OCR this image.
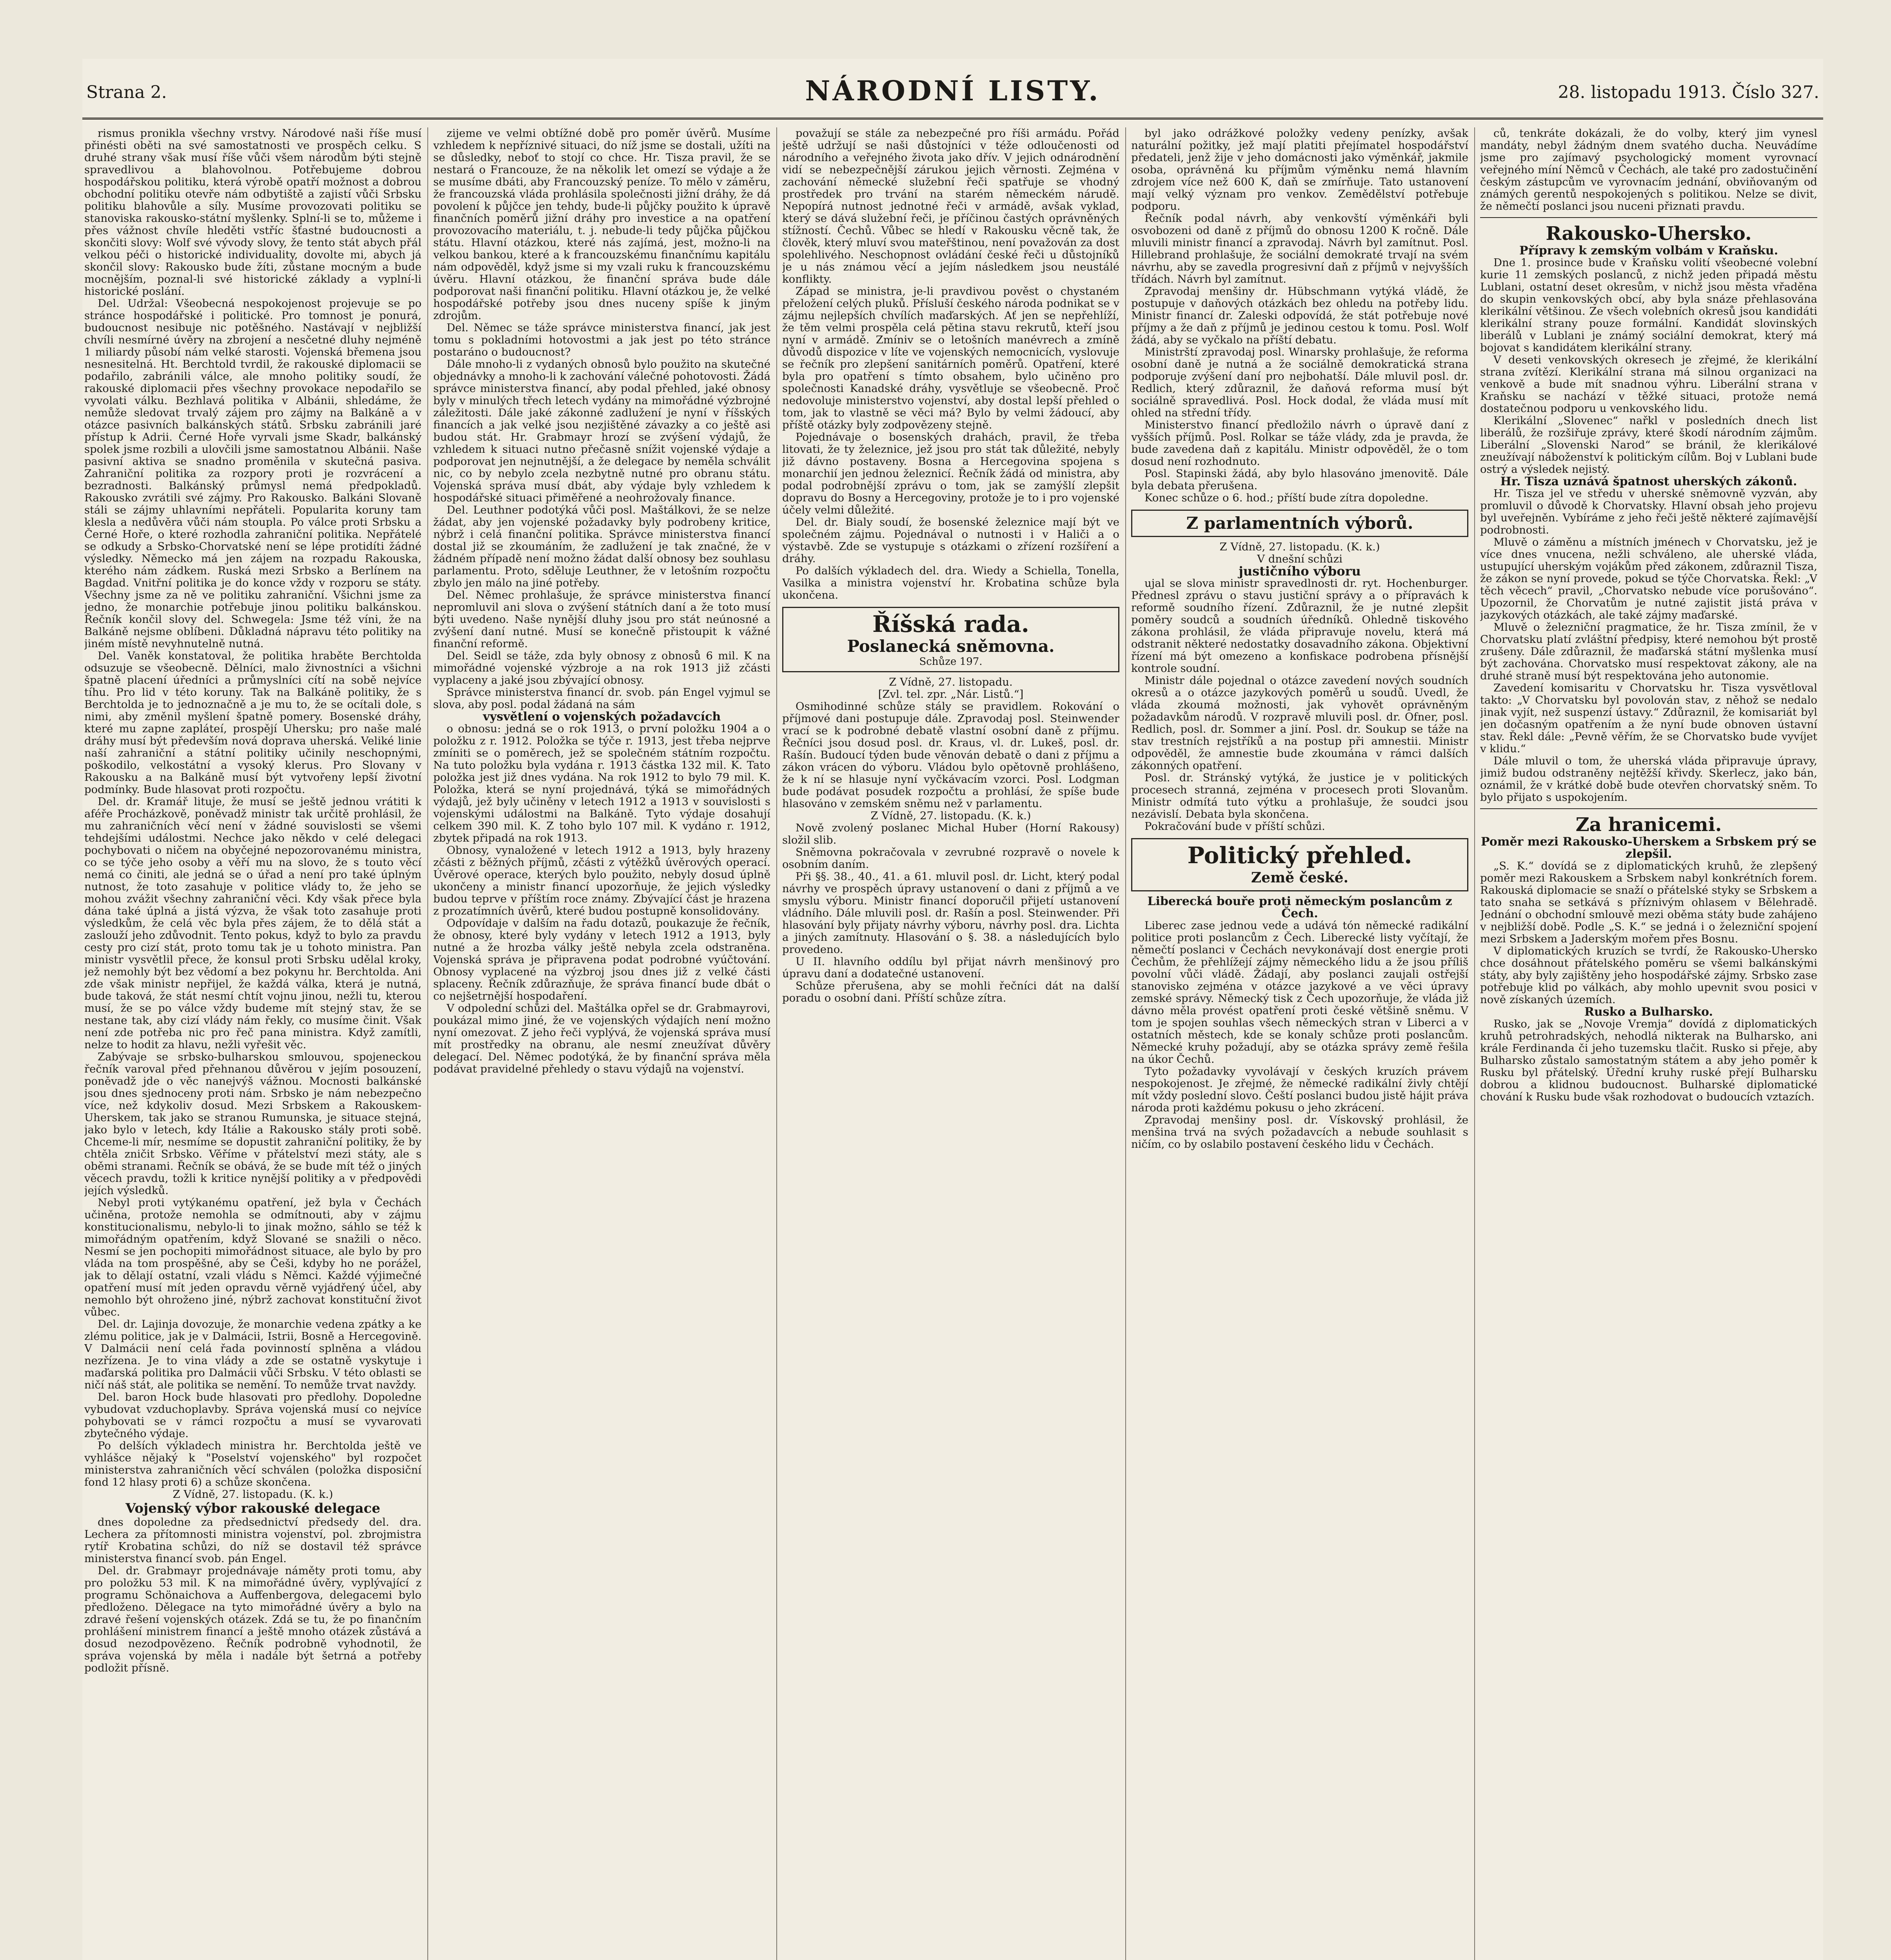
Strana 2.	NÁRODNÍ LISTY.	28. listopadu 1913. Číslo 327.

rismus pronikla všechny vrstvy. Národové naši říše musí přinésti oběti na své samostatnosti ve prospěch celku. S druhé strany však musí říše vůči všem národům býti stejně spravedlivou a blahovolnou. Potřebujeme dobrou hospodářskou politiku, která výrobě opatří možnost a dobrou obchodní politiku otevře nám odbytiště a zajistí vůči Srbsku politiku blahovůle a síly. Musíme provozovati politiku se stanoviska rakousko-státní myšlenky. Splní-li se to, můžeme i přes vážnost chvíle hleděti vstříc šťastné budoucnosti a skončiti slovy: Wolf své vývody slovy, že tento stát abych přál velkou péči o historické individuality, dovolte mi, abych já skončil slovy: Rakousko bude žíti, zůstane mocným a bude mocnějším, poznal-li své historické základy a vyplní-li historické poslání.

Del. Udržal: Všeobecná nespokojenost projevuje se po stránce hospodářské i politické. Pro tomnost je ponurá, budoucnost nesibuje nic potěšného. Nastávají v nejbližší chvíli nesmírné úvěry na zbrojení a nesčetné dluhy nejméně 1 miliardy působí nám velké starosti. Vojenská břemena jsou nesnesitelná. Ht. Berchtold tvrdil, že rakouské diplomacii se podařilo, zabránili válce, ale mnoho politiky soudí, že rakouské diplomacii přes všechny provokace nepodařilo se vyvolati válku. Bezhlavá politika v Albánii, shledáme, že nemůže sledovat trvalý zájem pro zájmy na Balkáně a v otázce pasivních balkánských států. Srbsku zabránili jaré přístup k Adrii. Černé Hoře vyrvali jsme Skadr, balkánský spolek jsme rozbili a ulovčili jsme samostatnou Albánii. Naše pasivní aktiva se snadno proměnila v skutečná pasiva. Zahraniční politika za rozpory proti je rozvrácení a bezradnosti. Balkánský průmysl nemá předpokladů. Rakousko zvrátili své zájmy. Pro Rakousko. Balkáni Slovaně stáli se zájmy uhlavními nepřáteli. Popularita koruny tam klesla a nedůvěra vůči nám stoupla. Po válce proti Srbsku a Černé Hoře, o které rozhodla zahraniční politika. Nepřátelé se odkudy a Srbsko-Chorvatské není se lépe protidíti žádné výsledky. Německo má jen zájem na rozpadu Rakouska, kterého nám zádkem. Ruská mezi Srbsko a Berlínem na Bagdad. Vnitřní politika je do konce vždy v rozporu se státy. Všechny jsme za ně ve politiku zahraniční. Všichni jsme za jedno, že monarchie potřebuje jinou politiku balkánskou. Řečník končil slovy del. Schwegela: Jsme též víni, že na Balkáně nejsme oblíbeni. Důkladná nápravu této politiky na jiném místě nevyhnutelně nutná.

Del. Vaněk konstatoval, že politika hraběte Berchtolda odsuzuje se všeobecně. Dělníci, malo živnostníci a všichni špatně placení úředníci a průmyslníci cítí na sobě nejvíce tíhu. Pro lid v této koruny. Tak na Balkáně politiky, že s Berchtolda je to jednoznačně a je mu to, že se ocítali dole, s nimi, aby změnil myšlení špatně pomery. Bosenské dráhy, které mu zapne zapláteí, prospějí Uhersku; pro naše malé dráhy musí být především nová doprava uherská. Veliké linie naší zahraniční a státní politiky učinily neschopnými, poškodilo, velkostátní a vysoký klerus. Pro Slovany v Rakousku a na Balkáně musí být vytvořeny lepší životní podmínky. Bude hlasovat proti rozpočtu.

Del. dr. Kramář lituje, že musí se ještě jednou vrátiti k aféře Procházkově, poněvadž ministr tak určitě prohlásil, že mu zahraničních věcí není v žádné souvislosti se všemi tehdejšími událostmi. Nechce jako někdo v celé delegaci pochybovati o ničem na obyčejné nepozorovanému ministra, co se týče jeho osoby a věří mu na slovo, že s touto věcí nemá co činiti, ale jedná se o úřad a není pro také úplným nutnost, že toto zasahuje v politice vlády to, že jeho se mohou zvážit všechny zahraniční věci. Kdy však přece byla dána také úplná a jistá výzva, že však toto zasahuje proti výsledkům, že celá věc byla přes zájem, že to dělá stát a zaslouží jeho zdůvodnit. Tento pokus, když to bylo za pravdu cesty pro cizí stát, proto tomu tak je u tohoto ministra. Pan ministr vysvětlil přece, že konsul proti Srbsku udělal kroky, jež nemohly být bez vědomí a bez pokynu hr. Berchtolda. Ani zde však ministr nepřijel, že každá válka, která je nutná, bude taková, že stát nesmí chtít vojnu jinou, nežli tu, kterou musí, že se po válce vždy budeme mít stejný stav, že se nestane tak, aby cizí vlády nám řekly, co musíme činit. Však není zde potřeba nic pro řeč pana ministra. Když zamítli, nelze to hodit za hlavu, nežli vyřešit věc.

Zabývaje se srbsko-bulharskou smlouvou, spojeneckou řečník varoval před přehnanou důvěrou v jejím posouzení, poněvadž jde o věc nanejvýš vážnou. Mocnosti balkánské jsou dnes sjednoceny proti nám. Srbsko je nám nebezpečno více, než kdykoliv dosud. Mezi Srbskem a Rakouskem-Uherskem, tak jako se stranou Rumunska, je situace stejná, jako bylo v letech, kdy Itálie a Rakousko stály proti sobě. Chceme-li mír, nesmíme se dopustit zahraniční politiky, že by chtěla zničit Srbsko. Věříme v přátelství mezi státy, ale s oběmi stranami. Řečník se obává, že se bude mít též o jiných věcech pravdu, tožli k kritice nynější politiky a v předpovědi jejích výsledků.

Nebyl proti vytýkanému opatření, jež byla v Čechách učiněna, protože nemohla se odmítnouti, aby v zájmu konstitucionalismu, nebylo-li to jinak možno, sáhlo se též k mimořádným opatřením, když Slované se snažili o něco. Nesmí se jen pochopiti mimořádnost situace, ale bylo by pro vláda na tom prospěšné, aby se Češi, kdyby ho ne porážel, jak to dělají ostatní, vzali vládu s Němci. Každé výjimečné opatření musí mít jeden opravdu věrně vyjádřený účel, aby nemohlo být ohroženo jiné, nýbrž zachovat konstituční život vůbec.

Del. dr. Lajinja dovozuje, že monarchie vedena zpátky a ke zlému politice, jak je v Dalmácii, Istrii, Bosně a Hercegovině. V Dalmácii není celá řada povinností splněna a vládou nezřízena. Je to vina vlády a zde se ostatně vyskytuje i maďarská politika pro Dalmácii vůči Srbsku. V této oblasti se ničí náš stát, ale politika se nemění. To nemůže trvat navždy.

Del. baron Hock bude hlasovati pro předlohy. Dopoledne vybudovat vzduchoplavby. Správa vojenská musí co nejvíce pohybovati se v rámci rozpočtu a musí se vyvarovati zbytečného výdaje.

Po delších výkladech ministra hr. Berchtolda ještě ve vyhlášce nějaký k "Poselství vojenského" byl rozpočet ministerstva zahraničních věcí schválen (položka disposiční fond 12 hlasy proti 6) a schůze skončena.

Z Vídně, 27. listopadu. (K. k.)

Vojenský výbor rakouské delegace

dnes dopoledne za předsednictví předsedy del. dra. Lechera za přítomnosti ministra vojenství, pol. zbrojmistra rytíř Krobatina schůzi, do níž se dostavil též správce ministerstva financí svob. pán Engel.

Del. dr. Grabmayr projednávaje náměty proti tomu, aby pro položku 53 mil. K na mimořádné úvěry, vyplývající z programu Schönaichova a Auffenbergova, delegacemi bylo předloženo. Dělegace na tyto mimořádné úvěry a bylo na zdravé řešení vojenských otázek. Zdá se tu, že po finančním prohlášení ministrem financí a ještě mnoho otázek zůstává a dosud nezodpovězeno. Řečník podrobně vyhodnotil, že správa vojenská by měla i nadále být šetrná a potřeby podložit přísně.

zijeme ve velmi obtížné době pro poměr úvěrů. Musíme vzhledem k nepříznivé situaci, do níž jsme se dostali, užíti na se důsledky, neboť to stojí co chce. Hr. Tisza pravil, že se nestará o Francouze, že na několik let omezí se výdaje a že se musíme dbáti, aby Francouzský peníze. To mělo v záměru, že francouzská vláda prohlásila společnosti jižní dráhy, že dá povolení k půjčce jen tehdy, bude-li půjčky použito k úpravě finančních poměrů jižní dráhy pro investice a na opatření provozovacího materiálu, t. j. nebude-li tedy půjčka půjčkou státu. Hlavní otázkou, které nás zajímá, jest, možno-li na velkou bankou, které a k francouzskému finančnímu kapitálu nám odpověděl, když jsme si my vzali ruku k francouzskému úvěru. Hlavní otázkou, že finanční správa bude dále podporovat naši finanční politiku. Hlavní otázkou je, že velké hospodářské potřeby jsou dnes nuceny spíše k jiným zdrojům.

Del. Němec se táže správce ministerstva financí, jak jest tomu s pokladními hotovostmi a jak jest po této stránce postaráno o budoucnost?

Dále mnoho-li z vydaných obnosů bylo použito na skutečné objednávky a mnoho-li k zachování válečné pohotovosti. Žádá správce ministerstva financí, aby podal přehled, jaké obnosy byly v minulých třech letech vydány na mimořádné výzbrojné záležitosti. Dále jaké zákonné zadlužení je nyní v říšských financích a jak velké jsou nezjištěné závazky a co ještě asi budou stát. Hr. Grabmayr hrozí se zvýšení výdajů, že vzhledem k situaci nutno přečasně snížit vojenské výdaje a podporovat jen nejnutnější, a že delegace by neměla schválit nic, co by nebylo zcela nezbytně nutné pro obranu státu. Vojenská správa musí dbát, aby výdaje byly vzhledem k hospodářské situaci přiměřené a neohrožovaly finance.

Del. Leuthner podotýká vůči posl. Maštálkovi, že se nelze žádat, aby jen vojenské požadavky byly podrobeny kritice, nýbrž i celá finanční politika. Správce ministerstva financí dostal již se zkoumáním, že zadlužení je tak značné, že v žádném případě není možno žádat další obnosy bez souhlasu parlamentu. Proto, sděluje Leuthner, že v letošním rozpočtu zbylo jen málo na jiné potřeby.

Del. Němec prohlašuje, že správce ministerstva financí nepromluvil ani slova o zvýšení státních daní a že toto musí býti uvedeno. Naše nynější dluhy jsou pro stát neúnosné a zvýšení daní nutné. Musí se konečně přistoupit k vážné finanční reformě.

Del. Seidl se táže, zda byly obnosy z obnosů 6 mil. K na mimořádné vojenské výzbroje a na rok 1913 již zčásti vyplaceny a jaké jsou zbývající obnosy.

Správce ministerstva financí dr. svob. pán Engel vyjmul se slova, aby posl. podal žádaná na sám

vysvětlení o vojenských požadavcích

o obnosu: jedná se o rok 1913, o první položku 1904 a o položku z r. 1912. Položka se týče r. 1913, jest třeba nejprve zmíniti se o poměrech, jež se společném státním rozpočtu. Na tuto položku byla vydána r. 1913 částka 132 mil. K. Tato položka jest již dnes vydána. Na rok 1912 to bylo 79 mil. K. Položka, která se nyní projednává, týká se mimořádných výdajů, jež byly učiněny v letech 1912 a 1913 v souvislosti s vojenskými událostmi na Balkáně. Tyto výdaje dosahují celkem 390 mil. K. Z toho bylo 107 mil. K vydáno r. 1912, zbytek připadá na rok 1913.

Obnosy, vynaložené v letech 1912 a 1913, byly hrazeny zčásti z běžných příjmů, zčásti z výtěžků úvěrových operací. Úvěrové operace, kterých bylo použito, nebyly dosud úplně ukončeny a ministr financí upozorňuje, že jejich výsledky budou teprve v příštím roce známy. Zbývající část je hrazena z prozatímních úvěrů, které budou postupně konsolidovány.

Odpovídaje v dalším na řadu dotazů, poukazuje že řečník, že obnosy, které byly vydány v letech 1912 a 1913, byly nutné a že hrozba války ještě nebyla zcela odstraněna. Vojenská správa je připravena podat podrobné vyúčtování. Obnosy vyplacené na výzbroj jsou dnes již z velké části splaceny. Řečník zdůrazňuje, že správa financí bude dbát o co nejšetrnější hospodaření.

V odpolední schůzi del. Maštálka opřel se dr. Grabmayrovi, poukázal mimo jiné, že ve vojenských výdajích není možno nyní omezovat. Z jeho řeči vyplývá, že vojenská správa musí mít prostředky na obranu, ale nesmí zneužívat důvěry delegací. Del. Němec podotýká, že by finanční správa měla podávat pravidelné přehledy o stavu výdajů na vojenství.

považují se stále za nebezpečné pro říši armádu. Pořád ještě udržují se naši důstojníci v téže odloučenosti od národního a veřejného života jako dřív. V jejich odnárodnění vidí se nebezpečnější zárukou jejich věrnosti. Zejména v zachování německé služební řeči spatřuje se vhodný prostředek pro trvání na starém německém nárudě. Nepopírá nutnost jednotné řeči v armádě, avšak vyklad, který se dává služební řeči, je příčinou častých oprávněných stížností. Čechů. Vůbec se hledí v Rakousku věcně tak, že člověk, který mluví svou mateřštinou, není považován za dost spolehlivého. Neschopnost ovládání české řeči u důstojníků je u nás známou věcí a jejím následkem jsou neustálé konflikty.

Západ se ministra, je-li pravdivou pověst o chystaném přeložení celých pluků. Přísluší českého národa podnikat se v zájmu nejlepších chvílích maďarských. Ať jen se nepřehlíží, že těm velmi prospěla celá pětina stavu rekrutů, kteří jsou nyní v armádě. Zmíniv se o letošních manévrech a zmíně důvodů dispozice v líte ve vojenských nemocnicích, vyslovuje se řečník pro zlepšení sanitárních poměrů. Opatření, které byla pro opatření s tímto obsahem, bylo učiněno pro společnosti Kanadské dráhy, vysvětluje se všeobecně. Proč nedovoluje ministerstvo vojenství, aby dostal lepší přehled o tom, jak to vlastně se věci má? Bylo by velmi žádoucí, aby příště otázky byly zodpovězeny stejně.

Pojednávaje o bosenských drahách, pravil, že třeba litovati, že ty železnice, jež jsou pro stát tak důležité, nebyly již dávno postaveny. Bosna a Hercegovina spojena s monarchií jen jednou železnicí. Řečník žádá od ministra, aby podal podrobnější zprávu o tom, jak se zamýšlí zlepšit dopravu do Bosny a Hercegoviny, protože je to i pro vojenské účely velmi důležité.

Del. dr. Bialy soudí, že bosenské železnice mají být ve společném zájmu. Pojednával o nutnosti i v Haliči a o výstavbě. Zde se vystupuje s otázkami o zřízení rozšíření a dráhy.

Po dalších výkladech del. dra. Wiedy a Schiella, Tonella, Vasilka a ministra vojenství hr. Krobatina schůze byla ukončena.

Říšská rada.
Poslanecká sněmovna.
Schůze 197.

Z Vídně, 27. listopadu.

[Zvl. tel. zpr. „Nár. Listů.“]

Osmihodinné schůze stály se pravidlem. Rokování o příjmové dani postupuje dále. Zpravodaj posl. Steinwender vrací se k podrobné debatě vlastní osobní daně z příjmu. Řečníci jsou dosud posl. dr. Kraus, vl. dr. Lukeš, posl. dr. Rašín. Budoucí týden bude věnován debatě o dani z příjmu a zákon vrácen do výboru. Vládou bylo opětovně prohlášeno, že k ní se hlasuje nyní vyčkávacím vzorci. Posl. Lodgman bude podávat posudek rozpočtu a prohlásí, že spíše bude hlasováno v zemském sněmu než v parlamentu.

Z Vídně, 27. listopadu. (K. k.)

Nově zvolený poslanec Michal Huber (Horní Rakousy) složil slib.

Sněmovna pokračovala v zevrubné rozpravě o novele k osobním daním.

Při §§. 38., 40., 41. a 61. mluvil posl. dr. Licht, který podal návrhy ve prospěch úpravy ustanovení o dani z příjmů a ve smyslu výboru. Ministr financí doporučil přijetí ustanovení vládního. Dále mluvili posl. dr. Rašín a posl. Steinwender. Při hlasování byly přijaty návrhy výboru, návrhy posl. dra. Lichta a jiných zamítnuty. Hlasování o §. 38. a následujících bylo provedeno.

U II. hlavního oddílu byl přijat návrh menšinový pro úpravu daní a dodatečné ustanovení.

Schůze přerušena, aby se mohli řečníci dát na další poradu o osobní dani. Příští schůze zítra.

byl jako odrážkové položky vedeny penízky, avšak naturální požitky, jež mají platiti přejímatel hospodářství předateli, jenž žije v jeho domácnosti jako výměnkář, jakmile osoba, oprávněná ku příjmům výměnku nemá hlavním zdrojem více než 600 K, daň se zmírňuje. Tato ustanovení mají velký význam pro venkov. Zemědělství potřebuje podporu.

Řečník podal návrh, aby venkovští výměnkáři byli osvobozeni od daně z příjmů do obnosu 1200 K ročně. Dále mluvili ministr financí a zpravodaj. Návrh byl zamítnut. Posl. Hillebrand prohlašuje, že sociální demokraté trvají na svém návrhu, aby se zavedla progresivní daň z příjmů v nejvyšších třídách. Návrh byl zamítnut.

Zpravodaj menšiny dr. Hübschmann vytýká vládě, že postupuje v daňových otázkách bez ohledu na potřeby lidu. Ministr financí dr. Zaleski odpovídá, že stát potřebuje nové příjmy a že daň z příjmů je jedinou cestou k tomu. Posl. Wolf žádá, aby se vyčkalo na příští debatu.

Ministrští zpravodaj posl. Winarsky prohlašuje, že reforma osobní daně je nutná a že sociálně demokratická strana podporuje zvýšení daní pro nejbohatší. Dále mluvil posl. dr. Redlich, který zdůraznil, že daňová reforma musí být sociálně spravedlivá. Posl. Hock dodal, že vláda musí mít ohled na střední třídy.

Ministerstvo financí předložilo návrh o úpravě daní z vyšších příjmů. Posl. Rolkar se táže vlády, zda je pravda, že bude zavedena daň z kapitálu. Ministr odpověděl, že o tom dosud není rozhodnuto.

Posl. Stapinski žádá, aby bylo hlasováno jmenovitě. Dále byla debata přerušena.

Konec schůze o 6. hod.; příští bude zítra dopoledne.

Z parlamentních výborů.

Z Vídně, 27. listopadu. (K. k.)

V dnešní schůzi

justičního výboru

ujal se slova ministr spravedlnosti dr. ryt. Hochenburger. Přednesl zprávu o stavu justiční správy a o přípravách k reformě soudního řízení. Zdůraznil, že je nutné zlepšit poměry soudců a soudních úředníků. Ohledně tiskového zákona prohlásil, že vláda připravuje novelu, která má odstranit některé nedostatky dosavadního zákona. Objektivní řízení má být omezeno a konfiskace podrobena přísnější kontrole soudní.

Ministr dále pojednal o otázce zavedení nových soudních okresů a o otázce jazykových poměrů u soudů. Uvedl, že vláda zkoumá možnosti, jak vyhovět oprávněným požadavkům národů. V rozpravě mluvili posl. dr. Ofner, posl. Redlich, posl. dr. Sommer a jiní. Posl. dr. Soukup se táže na stav trestních rejstříků a na postup při amnestii. Ministr odpověděl, že amnestie bude zkoumána v rámci dalších zákonných opatření.

Posl. dr. Stránský vytýká, že justice je v politických procesech stranná, zejména v procesech proti Slovanům. Ministr odmítá tuto výtku a prohlašuje, že soudci jsou nezávislí. Debata byla skončena.

Pokračování bude v příští schůzi.

Politický přehled.
Země české.

Liberecká bouře proti německým poslancům z Čech.

Liberec zase jednou vede a udává tón německé radikální politice proti poslancům z Čech. Liberecké listy vyčítají, že němečtí poslanci v Čechách nevykonávají dost energie proti Čechům, že přehlížejí zájmy německého lidu a že jsou příliš povolní vůči vládě. Žádají, aby poslanci zaujali ostřejší stanovisko zejména v otázce jazykové a ve věci úpravy zemské správy. Německý tisk z Čech upozorňuje, že vláda již dávno měla provést opatření proti české většině sněmu. V tom je spojen souhlas všech německých stran v Liberci a v ostatních městech, kde se konaly schůze proti poslancům. Německé kruhy požadují, aby se otázka správy země řešila na úkor Čechů.

Tyto požadavky vyvolávají v českých kruzích právem nespokojenost. Je zřejmé, že německé radikální živly chtějí mít vždy poslední slovo. Čeští poslanci budou jistě hájit práva národa proti každému pokusu o jeho zkrácení.

Zpravodaj menšiny posl. dr. Vískovský prohlásil, že menšina trvá na svých požadavcích a nebude souhlasit s ničím, co by oslabilo postavení českého lidu v Čechách.

ců, tenkráte dokázali, že do volby, který jim vynesl mandáty, nebyl žádným dnem svatého ducha. Neuvádíme jsme pro zajímavý psychologický moment vyrovnací veřejného míní Němců v Čechách, ale také pro zadostučinění českým zástupcům ve vyrovnacím jednání, obviňovaným od známých gerentů nespokojených s politikou. Nelze se divit, že němečtí poslanci jsou nuceni přiznati pravdu.

Rakousko-Uhersko.

Přípravy k zemským volbám v Kraňsku.

Dne 1. prosince bude v Kraňsku volití všeobecné volební kurie 11 zemských poslanců, z nichž jeden připadá městu Lublani, ostatní deset okresům, v nichž jsou města vřaděna do skupin venkovských obcí, aby byla snáze přehlasována klerikální většinou. Ze všech volebních okresů jsou kandidáti klerikální strany pouze formální. Kandidát slovinských liberálů v Lublani je známý sociální demokrat, který má bojovat s kandidátem klerikální strany.

V deseti venkovských okresech je zřejmé, že klerikální strana zvítězí. Klerikální strana má silnou organizaci na venkově a bude mít snadnou výhru. Liberální strana v Kraňsku se nachází v těžké situaci, protože nemá dostatečnou podporu u venkovského lidu.

Klerikální „Slovenec“ nařkl v posledních dnech list liberálů, že rozšiřuje zprávy, které škodí národním zájmům. Liberální „Slovenski Narod“ se bránil, že klerikálové zneužívají náboženství k politickým cílům. Boj v Lublani bude ostrý a výsledek nejistý.

Hr. Tisza uznává špatnost uherských zákonů.

Hr. Tisza jel ve středu v uherské sněmovně vyzván, aby promluvil o důvodě k Chorvatsky. Hlavní obsah jeho projevu byl uveřejněn. Vybíráme z jeho řeči ještě některé zajímavější podrobnosti.

Mluvě o záměnu a místních jménech v Chorvatsku, jež je více dnes vnucena, nežli schváleno, ale uherské vláda, ustupující uherským vojákům před zákonem, zdůraznil Tisza, že zákon se nyní provede, pokud se týče Chorvatska. Řekl: „V těch věcech“ pravil, „Chorvatsko nebude více porušováno“. Upozornil, že Chorvatům je nutné zajistit jistá práva v jazykových otázkách, ale také zájmy maďarské.

Mluvě o železniční pragmatice, že hr. Tisza zmínil, že v Chorvatsku platí zvláštní předpisy, které nemohou být prostě zrušeny. Dále zdůraznil, že maďarská státní myšlenka musí být zachována. Chorvatsko musí respektovat zákony, ale na druhé straně musí být respektována jeho autonomie.

Zavedení komisaritu v Chorvatsku hr. Tisza vysvětloval takto: „V Chorvatsku byl povolován stav, z něhož se nedalo jinak vyjít, než suspenzí ústavy.“ Zdůraznil, že komisariát byl jen dočasným opatřením a že nyní bude obnoven ústavní stav. Řekl dále: „Pevně věřím, že se Chorvatsko bude vyvíjet v klidu.“

Dále mluvil o tom, že uherská vláda připravuje úpravy, jimiž budou odstraněny nejtěžší křivdy. Skerlecz, jako bán, oznámil, že v krátké době bude otevřen chorvatský sněm. To bylo přijato s uspokojením.

Za hranicemi.

Poměr mezi Rakousko-Uherskem a Srbskem prý se zlepšil.

„S. K.“ dovídá se z diplomatických kruhů, že zlepšený poměr mezi Rakouskem a Srbskem nabyl konkrétních forem. Rakouská diplomacie se snaží o přátelské styky se Srbskem a tato snaha se setkává s příznivým ohlasem v Bělehradě. Jednání o obchodní smlouvě mezi oběma státy bude zahájeno v nejbližší době. Podle „S. K.“ se jedná i o železniční spojení mezi Srbskem a Jaderským mořem přes Bosnu.

V diplomatických kruzích se tvrdí, že Rakousko-Uhersko chce dosáhnout přátelského poměru se všemi balkánskými státy, aby byly zajištěny jeho hospodářské zájmy. Srbsko zase potřebuje klid po válkách, aby mohlo upevnit svou posici v nově získaných územích.

Rusko a Bulharsko.

Rusko, jak se „Novoje Vremja“ dovídá z diplomatických kruhů petrohradských, nehodlá nikterak na Bulharsko, ani krále Ferdinanda či jeho tuzemsku tlačit. Rusko si přeje, aby Bulharsko zůstalo samostatným státem a aby jeho poměr k Rusku byl přátelský. Úřední kruhy ruské přejí Bulharsku dobrou a klidnou budoucnost. Bulharské diplomatické chování k Rusku bude však rozhodovat o budoucích vztazích.
